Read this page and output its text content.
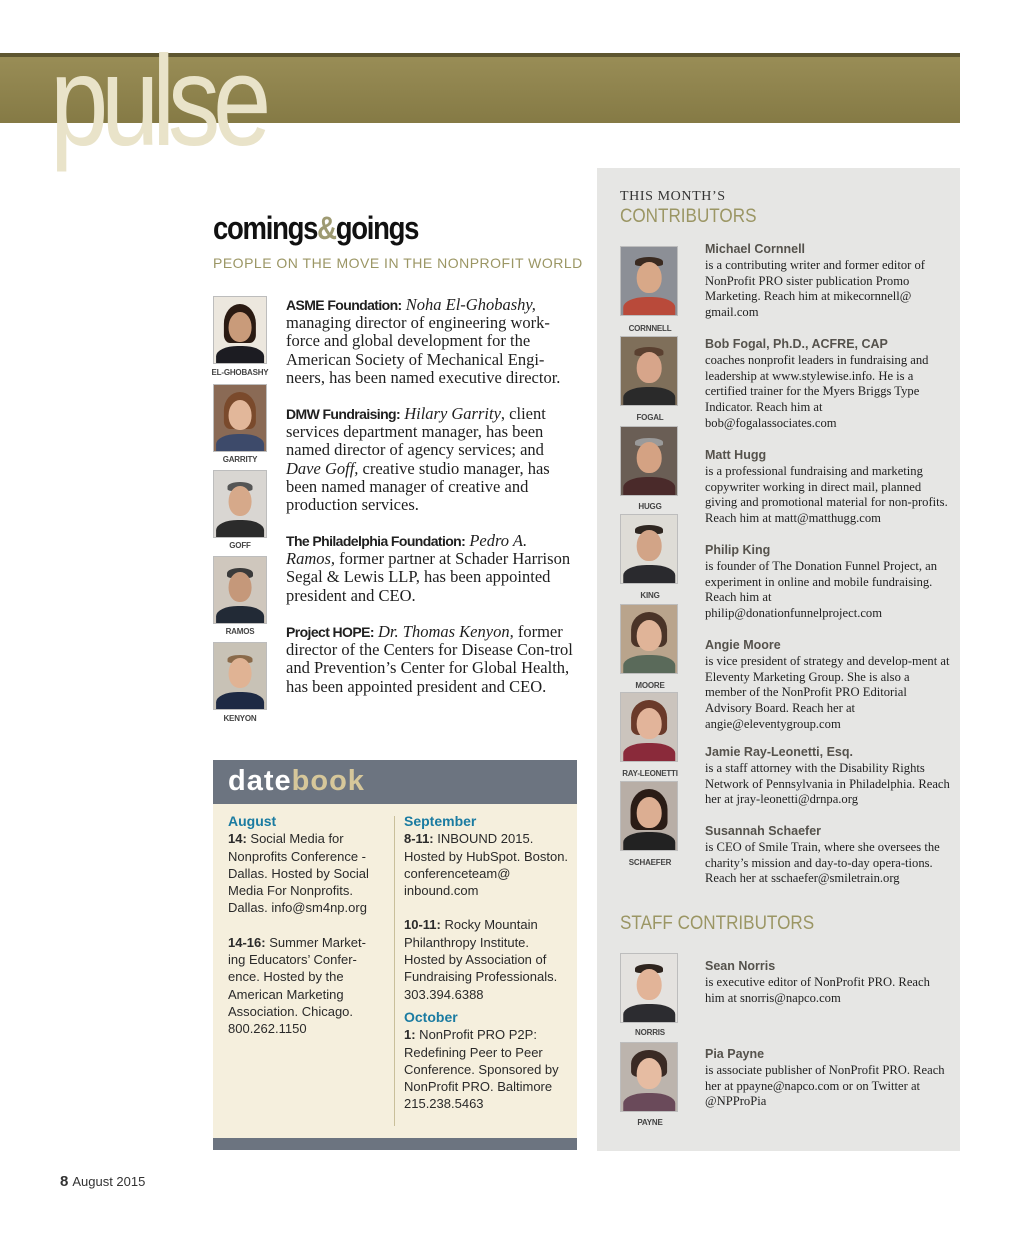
pulse
comings&goings
PEOPLE ON THE MOVE IN THE NONPROFIT WORLD
EL-GHOBASHY
GARRITY
GOFF
RAMOS
KENYON
ASME Foundation: Noha El-Ghobashy, managing director of engineering work-force and global development for the American Society of Mechanical Engi-neers, has been named executive director.
DMW Fundraising: Hilary Garrity, client services department manager, has been named director of agency services; and Dave Goff, creative studio manager, has been named manager of creative and production services.
The Philadelphia Foundation: Pedro A. Ramos, former partner at Schader Harrison Segal & Lewis LLP, has been appointed president and CEO.
Project HOPE: Dr. Thomas Kenyon, former director of the Centers for Disease Con-trol and Prevention’s Center for Global Health, has been appointed president and CEO.
datebook
August

14: Social Media for Nonprofits Conference - Dallas. Hosted by Social Media For Nonprofits. Dallas. info@sm4np.org

14-16: Summer Market-ing Educators’ Confer-ence. Hosted by the American Marketing Association. Chicago. 800.262.1150

September

8-11: INBOUND 2015. Hosted by HubSpot. Boston. conferenceteam@ inbound.com

10-11: Rocky Mountain Philanthropy Institute. Hosted by Association of Fundraising Professionals. 303.394.6388

October

1: NonProfit PRO P2P: Redefining Peer to Peer Conference. Sponsored by NonProfit PRO. Baltimore 215.238.5463

THIS MONTH’S
CONTRIBUTORS
CORNNELL
FOGAL
HUGG
KING
MOORE
RAY-LEONETTI
SCHAEFER
Michael Cornnell
is a contributing writer and former editor of NonProfit PRO sister publication Promo Marketing. Reach him at mikecornnell@ gmail.com
Bob Fogal, Ph.D., ACFRE, CAP
coaches nonprofit leaders in fundraising and leadership at www.stylewise.info. He is a certified trainer for the Myers Briggs Type Indicator. Reach him at bob@fogalassociates.com
Matt Hugg
is a professional fundraising and marketing copywriter working in direct mail, planned giving and promotional material for non-profits. Reach him at matt@matthugg.com
Philip King
is founder of The Donation Funnel Project, an experiment in online and mobile fundraising. Reach him at philip@donationfunnelproject.com
Angie Moore
is vice president of strategy and develop-ment at Eleventy Marketing Group. She is also a member of the NonProfit PRO Editorial Advisory Board. Reach her at angie@eleventygroup.com
Jamie Ray-Leonetti, Esq.
is a staff attorney with the Disability Rights Network of Pennsylvania in Philadelphia. Reach her at jray-leonetti@drnpa.org
Susannah Schaefer
is CEO of Smile Train, where she oversees the charity’s mission and day-to-day opera-tions. Reach her at sschaefer@smiletrain.org
STAFF CONTRIBUTORS
NORRIS
PAYNE
Sean Norris
is executive editor of NonProfit PRO. Reach him at snorris@napco.com
Pia Payne
is associate publisher of NonProfit PRO. Reach her at ppayne@napco.com or on Twitter at @NPProPia
8 August 2015
